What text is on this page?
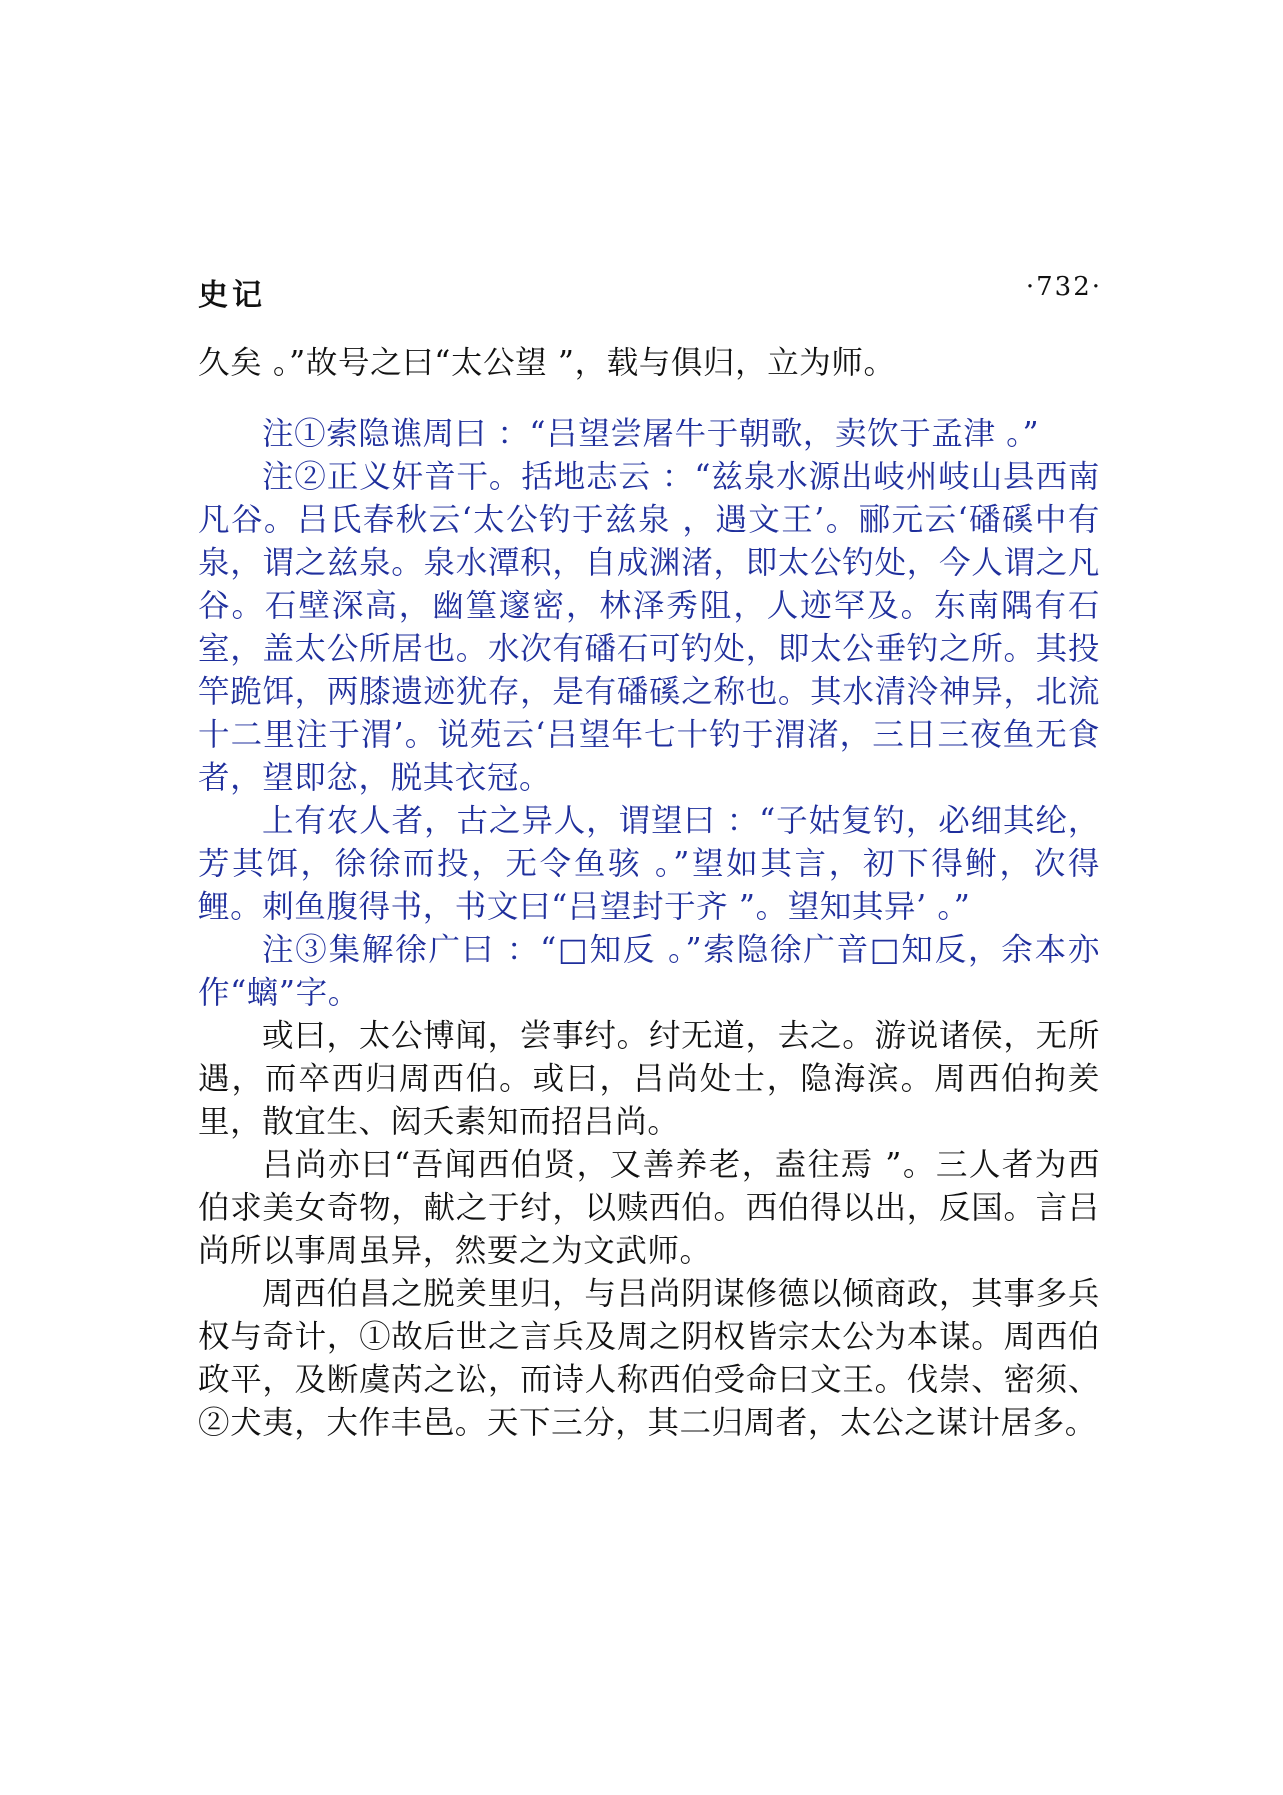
史记	·732·

久矣 。”故号之曰“太公望 ”，载与俱归，立为师。

注①索隐谯周曰 ：“吕望尝屠牛于朝歌，卖饮于孟津 。”

注②正义奸音干。括地志云 ：“兹泉水源出岐州岐山县西南凡谷。吕氏春秋云‘太公钓于兹泉 ，遇文王’。郦元云‘磻磎中有泉，谓之兹泉。泉水潭积，自成渊渚，即太公钓处，今人谓之凡谷。石壁深高，幽篁邃密，林泽秀阻，人迹罕及。东南隅有石室，盖太公所居也。水次有磻石可钓处，即太公垂钓之所。其投竿跪饵，两膝遗迹犹存，是有磻磎之称也。其水清泠神异，北流十二里注于渭’。说苑云‘吕望年七十钓于渭渚，三日三夜鱼无食者，望即忿，脱其衣冠。

上有农人者，古之异人，谓望曰 ：“子姑复钓，必细其纶，芳其饵，徐徐而投，无令鱼骇 。”望如其言，初下得鲋，次得鲤。刺鱼腹得书，书文曰“吕望封于齐 ”。望知其异’ 。”

注③集解徐广曰 ：“□知反 。”索隐徐广音□知反，余本亦作“螭”字。

或曰，太公博闻，尝事纣。纣无道，去之。游说诸侯，无所遇，而卒西归周西伯。或曰，吕尚处士，隐海滨。周西伯拘羑里，散宜生、闳夭素知而招吕尚。

吕尚亦曰“吾闻西伯贤，又善养老，盍往焉 ”。三人者为西伯求美女奇物，献之于纣，以赎西伯。西伯得以出，反国。言吕尚所以事周虽异，然要之为文武师。

周西伯昌之脱羑里归，与吕尚阴谋修德以倾商政，其事多兵权与奇计，①故后世之言兵及周之阴权皆宗太公为本谋。周西伯政平，及断虞芮之讼，而诗人称西伯受命曰文王。伐崇、密须、②犬夷，大作丰邑。天下三分，其二归周者，太公之谋计居多。
